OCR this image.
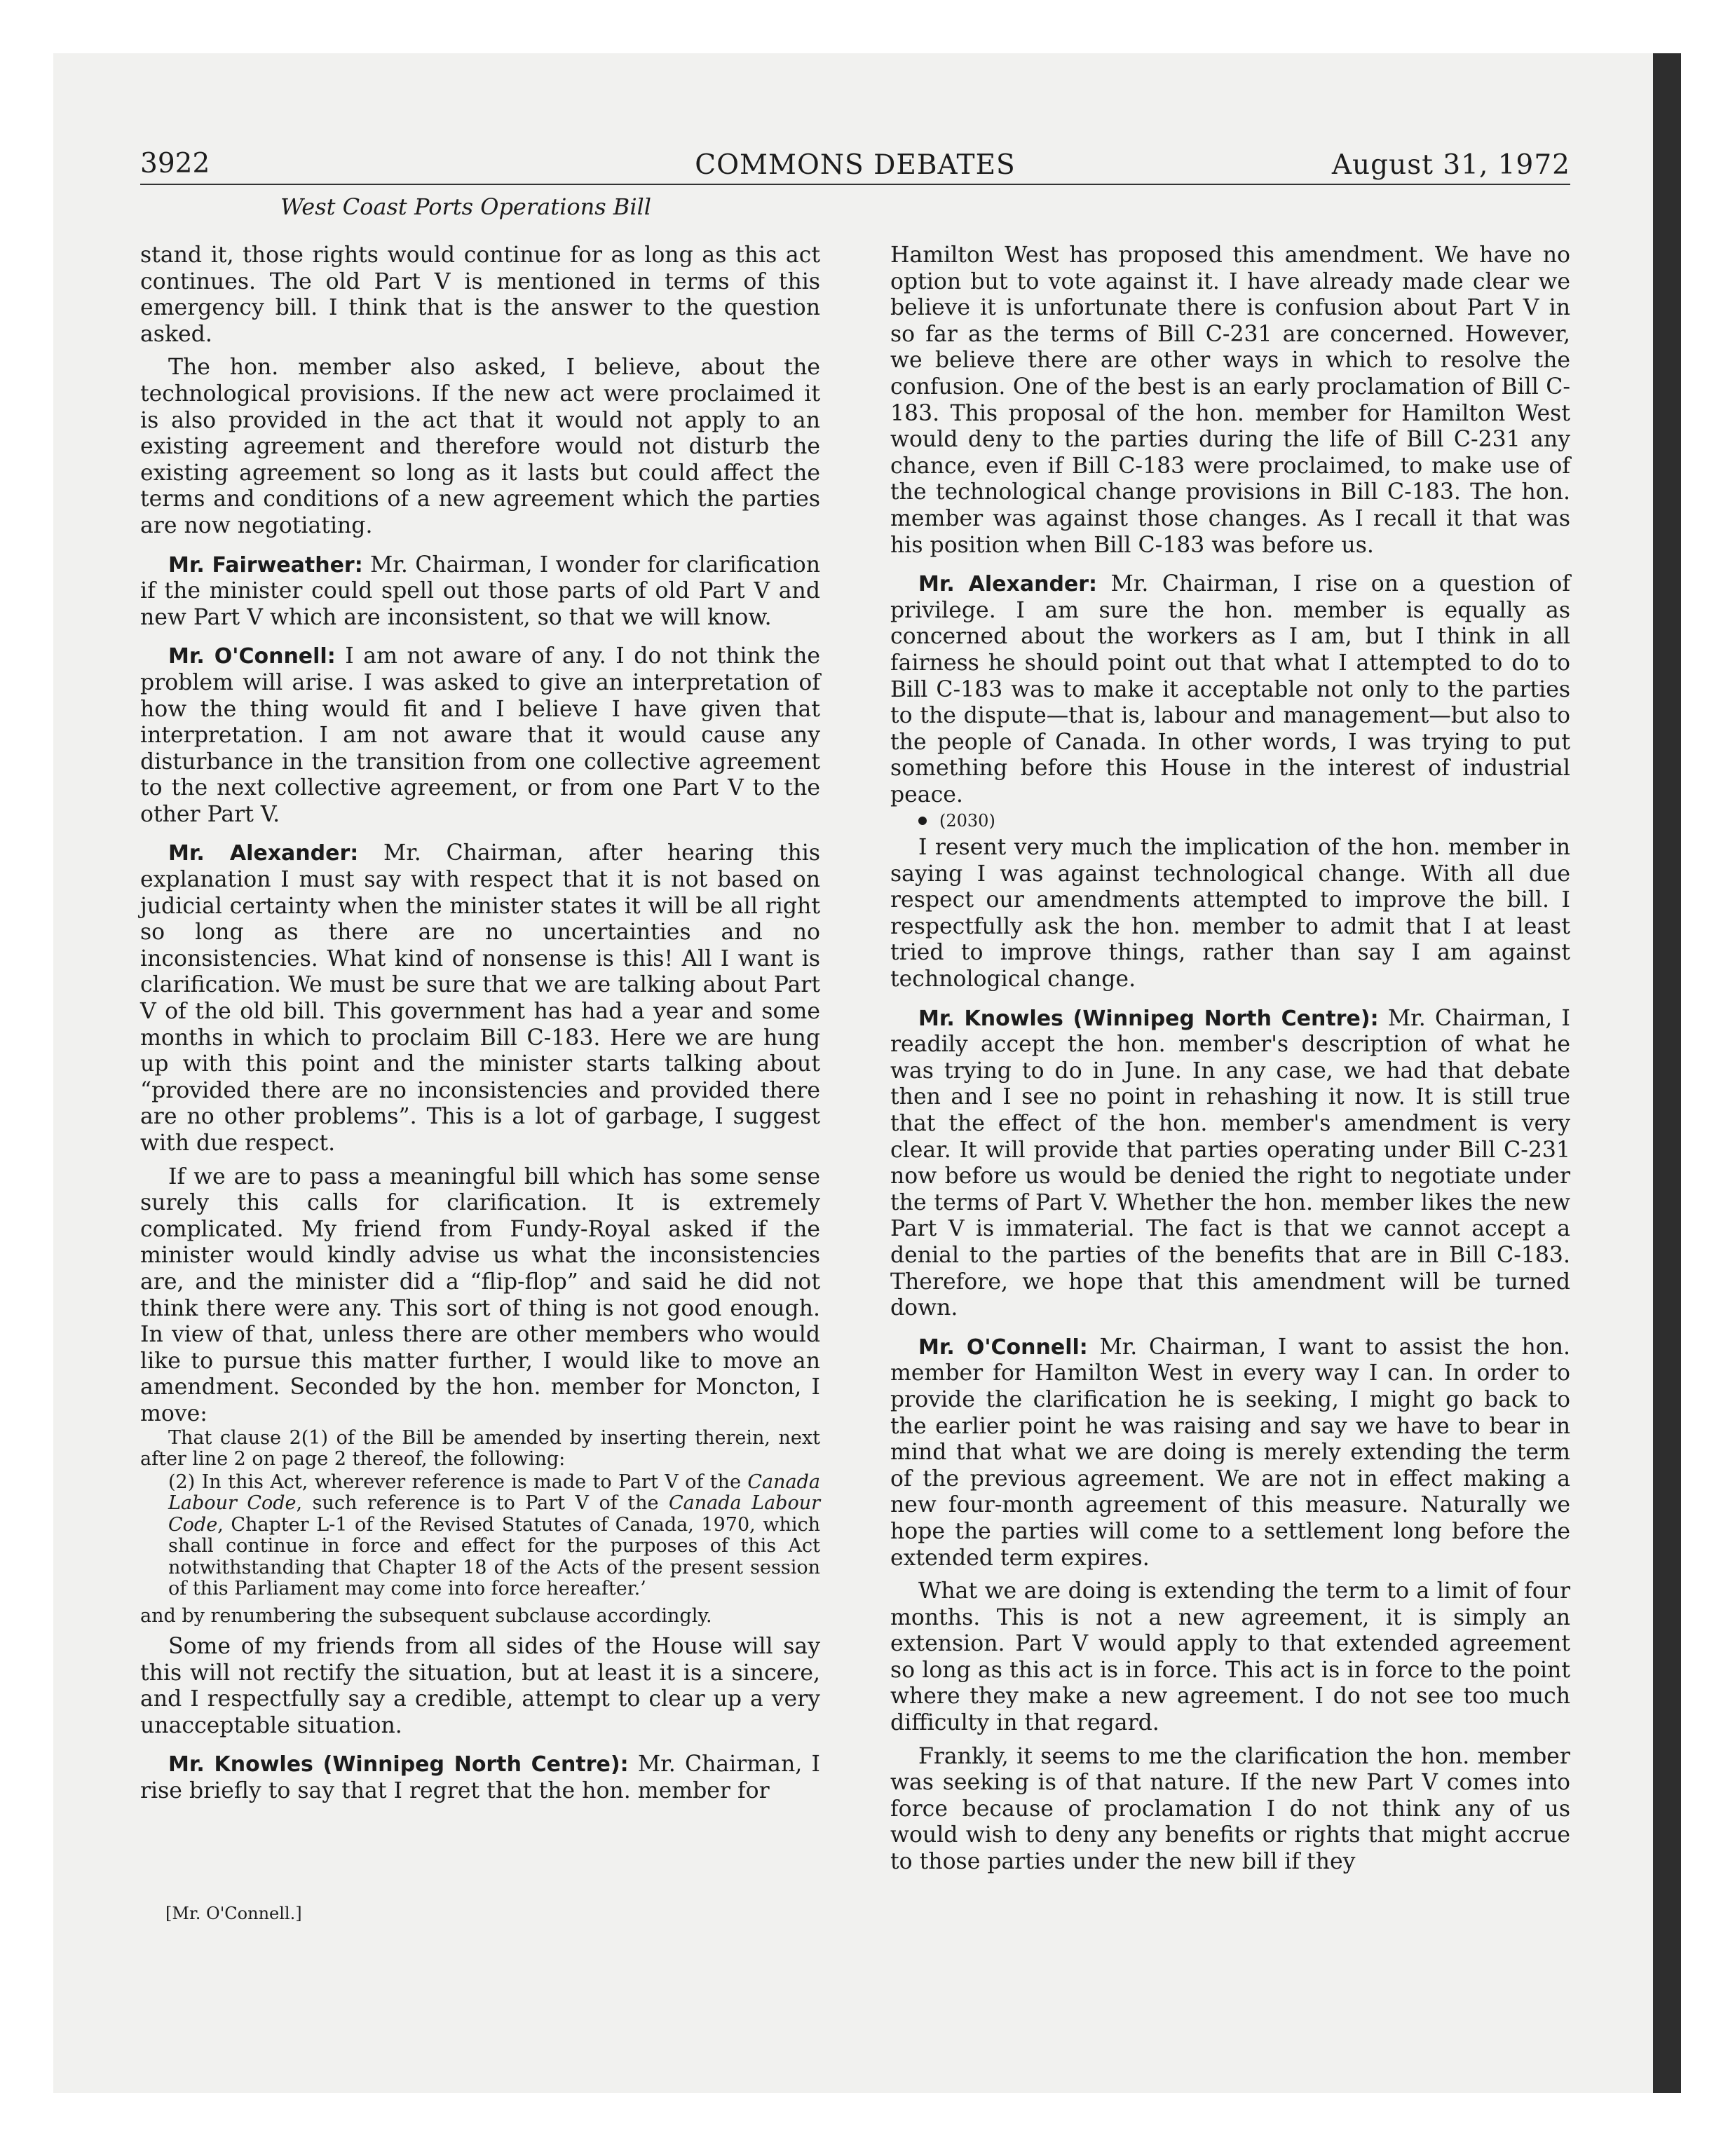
3922	COMMONS DEBATES	August 31, 1972
West Coast Ports Operations Bill

stand it, those rights would continue for as long as this act continues. The old Part V is mentioned in terms of this emergency bill. I think that is the answer to the question asked.

The hon. member also asked, I believe, about the technological provisions. If the new act were proclaimed it is also provided in the act that it would not apply to an existing agreement and therefore would not disturb the existing agreement so long as it lasts but could affect the terms and conditions of a new agreement which the parties are now negotiating.

Mr. Fairweather: Mr. Chairman, I wonder for clarification if the minister could spell out those parts of old Part V and new Part V which are inconsistent, so that we will know.

Mr. O'Connell: I am not aware of any. I do not think the problem will arise. I was asked to give an interpretation of how the thing would fit and I believe I have given that interpretation. I am not aware that it would cause any disturbance in the transition from one collective agreement to the next collective agreement, or from one Part V to the other Part V.

Mr. Alexander: Mr. Chairman, after hearing this explanation I must say with respect that it is not based on judicial certainty when the minister states it will be all right so long as there are no uncertainties and no inconsistencies. What kind of nonsense is this! All I want is clarification. We must be sure that we are talking about Part V of the old bill. This government has had a year and some months in which to proclaim Bill C-183. Here we are hung up with this point and the minister starts talking about “provided there are no inconsistencies and provided there are no other problems”. This is a lot of garbage, I suggest with due respect.

If we are to pass a meaningful bill which has some sense surely this calls for clarification. It is extremely complicated. My friend from Fundy-Royal asked if the minister would kindly advise us what the inconsistencies are, and the minister did a “flip-flop” and said he did not think there were any. This sort of thing is not good enough. In view of that, unless there are other members who would like to pursue this matter further, I would like to move an amendment. Seconded by the hon. member for Moncton, I move:

That clause 2(1) of the Bill be amended by inserting therein, next after line 2 on page 2 thereof, the following:

(2) In this Act, wherever reference is made to Part V of the Canada Labour Code, such reference is to Part V of the Canada Labour Code, Chapter L-1 of the Revised Statutes of Canada, 1970, which shall continue in force and effect for the purposes of this Act notwithstanding that Chapter 18 of the Acts of the present session of this Parliament may come into force hereafter.’

and by renumbering the subsequent subclause accordingly.

Some of my friends from all sides of the House will say this will not rectify the situation, but at least it is a sincere, and I respectfully say a credible, attempt to clear up a very unacceptable situation.

Mr. Knowles (Winnipeg North Centre): Mr. Chairman, I rise briefly to say that I regret that the hon. member for

Hamilton West has proposed this amendment. We have no option but to vote against it. I have already made clear we believe it is unfortunate there is confusion about Part V in so far as the terms of Bill C-231 are concerned. However, we believe there are other ways in which to resolve the confusion. One of the best is an early proclamation of Bill C-183. This proposal of the hon. member for Hamilton West would deny to the parties during the life of Bill C-231 any chance, even if Bill C-183 were proclaimed, to make use of the technological change provisions in Bill C-183. The hon. member was against those changes. As I recall it that was his position when Bill C-183 was before us.

Mr. Alexander: Mr. Chairman, I rise on a question of privilege. I am sure the hon. member is equally as concerned about the workers as I am, but I think in all fairness he should point out that what I attempted to do to Bill C-183 was to make it acceptable not only to the parties to the dispute—that is, labour and management—but also to the people of Canada. In other words, I was trying to put something before this House in the interest of industrial peace.

(2030)

I resent very much the implication of the hon. member in saying I was against technological change. With all due respect our amendments attempted to improve the bill. I respectfully ask the hon. member to admit that I at least tried to improve things, rather than say I am against technological change.

Mr. Knowles (Winnipeg North Centre): Mr. Chairman, I readily accept the hon. member's description of what he was trying to do in June. In any case, we had that debate then and I see no point in rehashing it now. It is still true that the effect of the hon. member's amendment is very clear. It will provide that parties operating under Bill C-231 now before us would be denied the right to negotiate under the terms of Part V. Whether the hon. member likes the new Part V is immaterial. The fact is that we cannot accept a denial to the parties of the benefits that are in Bill C-183. Therefore, we hope that this amendment will be turned down.

Mr. O'Connell: Mr. Chairman, I want to assist the hon. member for Hamilton West in every way I can. In order to provide the clarification he is seeking, I might go back to the earlier point he was raising and say we have to bear in mind that what we are doing is merely extending the term of the previous agreement. We are not in effect making a new four-month agreement of this measure. Naturally we hope the parties will come to a settlement long before the extended term expires.

What we are doing is extending the term to a limit of four months. This is not a new agreement, it is simply an extension. Part V would apply to that extended agreement so long as this act is in force. This act is in force to the point where they make a new agreement. I do not see too much difficulty in that regard.

Frankly, it seems to me the clarification the hon. member was seeking is of that nature. If the new Part V comes into force because of proclamation I do not think any of us would wish to deny any benefits or rights that might accrue to those parties under the new bill if they

[Mr. O'Connell.]
